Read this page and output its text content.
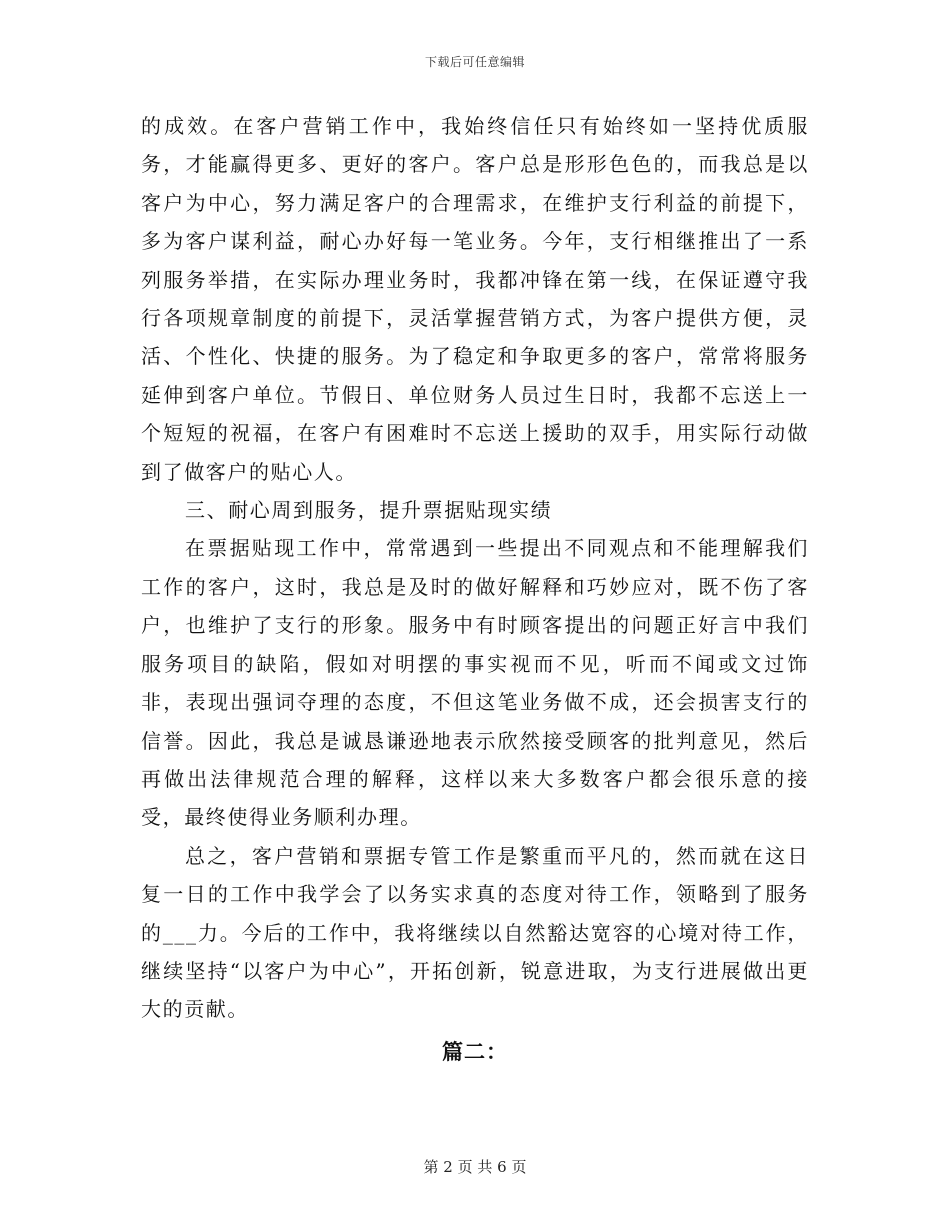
下载后可任意编辑

的成效。在客户营销工作中，我始终信任只有始终如一坚持优质服务，才能赢得更多、更好的客户。客户总是形形色色的，而我总是以客户为中心，努力满足客户的合理需求，在维护支行利益的前提下，多为客户谋利益，耐心办好每一笔业务。今年，支行相继推出了一系列服务举措，在实际办理业务时，我都冲锋在第一线，在保证遵守我行各项规章制度的前提下，灵活掌握营销方式，为客户提供方便，灵活、个性化、快捷的服务。为了稳定和争取更多的客户，常常将服务延伸到客户单位。节假日、单位财务人员过生日时，我都不忘送上一个短短的祝福，在客户有困难时不忘送上援助的双手，用实际行动做到了做客户的贴心人。

三、耐心周到服务，提升票据贴现实绩

在票据贴现工作中，常常遇到一些提出不同观点和不能理解我们工作的客户，这时，我总是及时的做好解释和巧妙应对，既不伤了客户，也维护了支行的形象。服务中有时顾客提出的问题正好言中我们服务项目的缺陷，假如对明摆的事实视而不见，听而不闻或文过饰非，表现出强词夺理的态度，不但这笔业务做不成，还会损害支行的信誉。因此，我总是诚恳谦逊地表示欣然接受顾客的批判意见，然后再做出法律规范合理的解释，这样以来大多数客户都会很乐意的接受，最终使得业务顺利办理。

总之，客户营销和票据专管工作是繁重而平凡的，然而就在这日复一日的工作中我学会了以务实求真的态度对待工作，领略到了服务的___力。今后的工作中，我将继续以自然豁达宽容的心境对待工作，继续坚持“以客户为中心”，开拓创新，锐意进取，为支行进展做出更大的贡献。

篇二：
第 2 页 共 6 页
